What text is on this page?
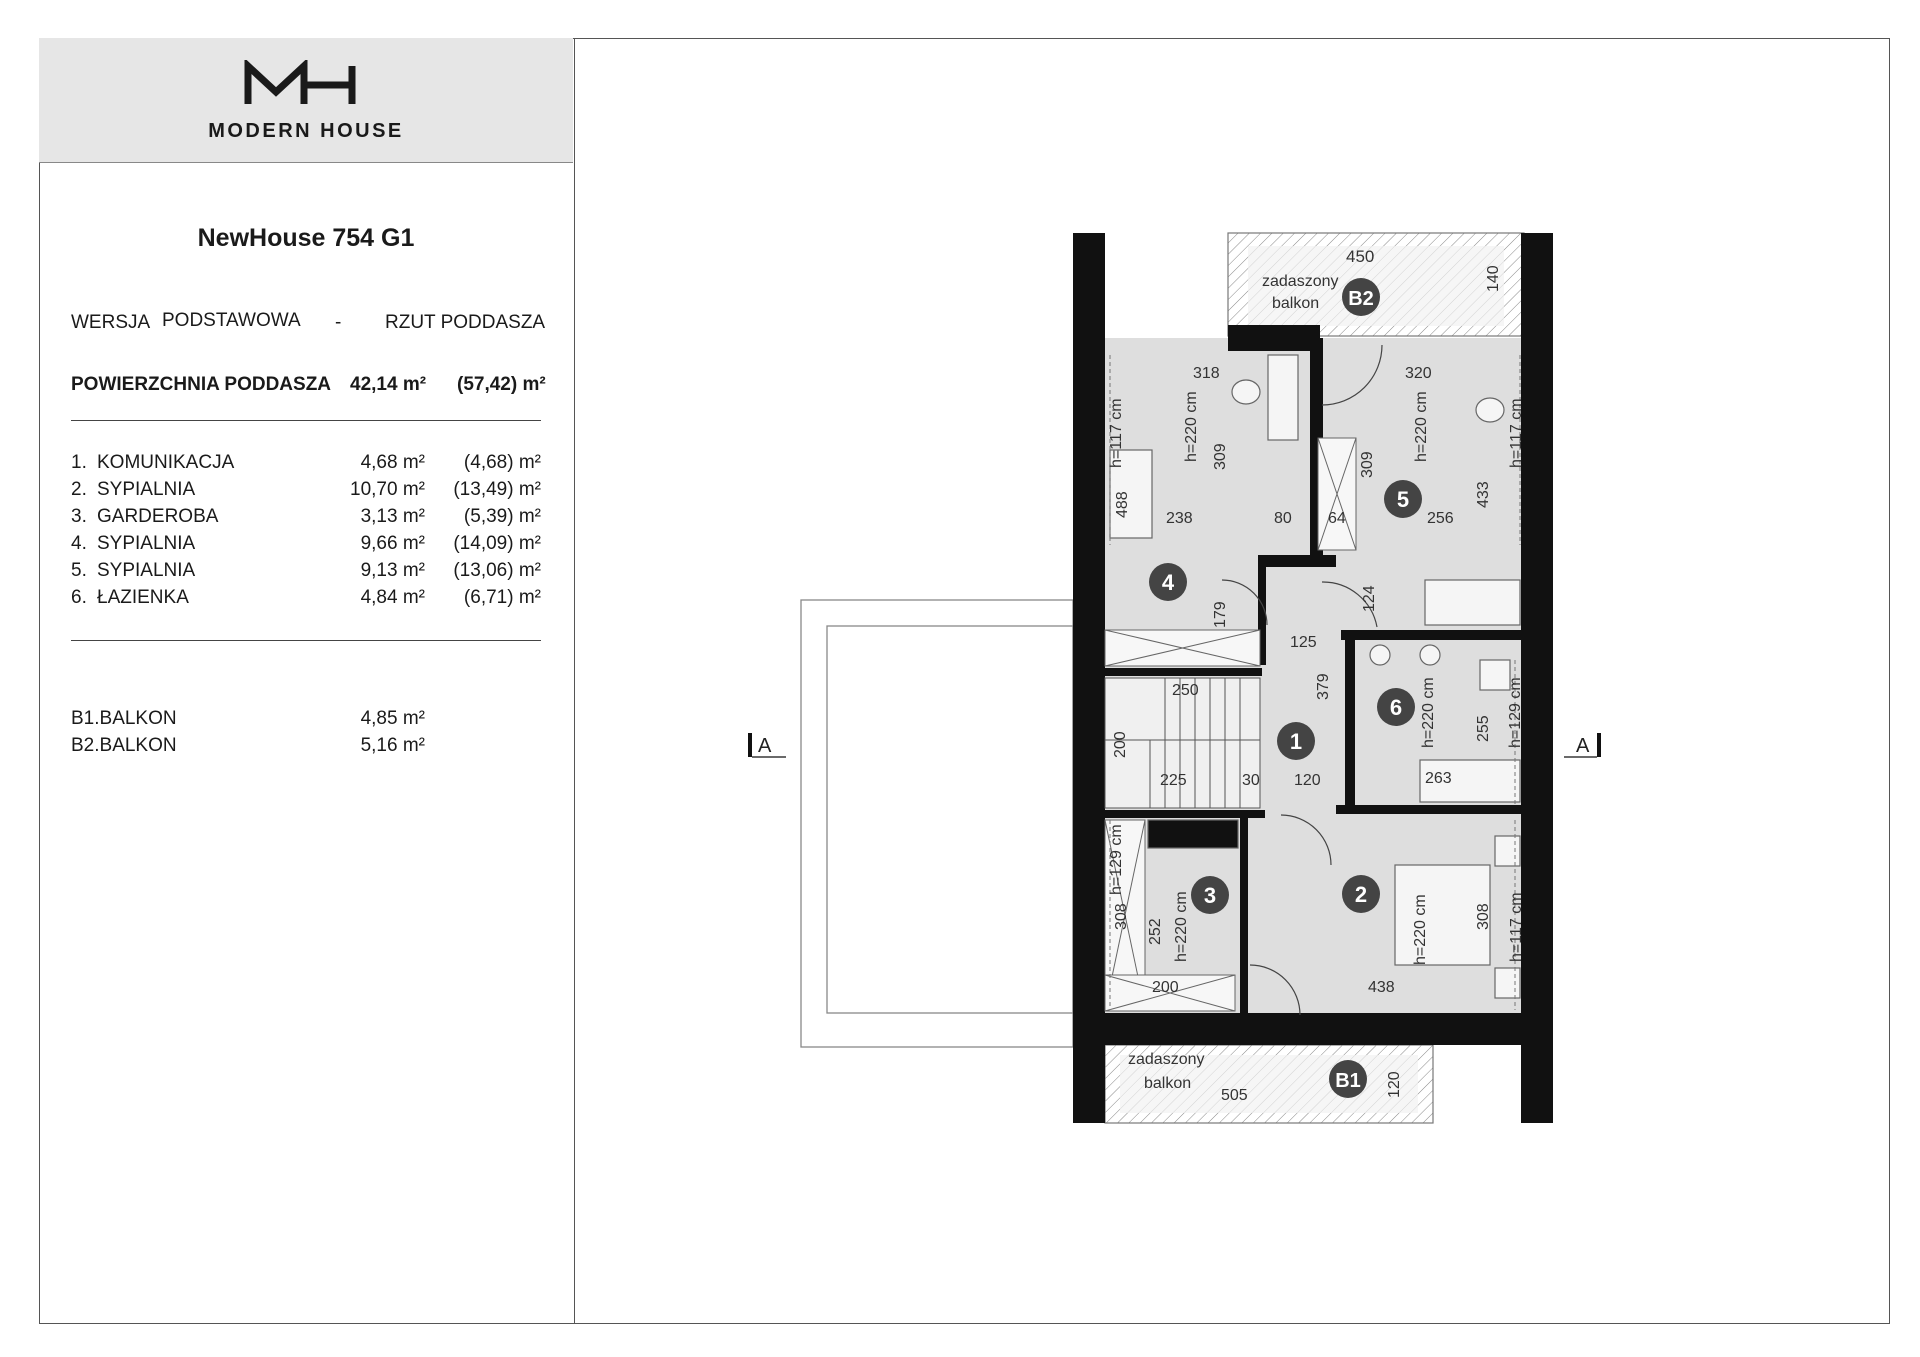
MODERN HOUSE
NewHouse 754 G1
WERSJA PODSTAWOWA - RZUT PODDASZA
POWIERZCHNIA PODDASZA 42,14 m² (57,42) m²
1. KOMUNIKACJA	4,68 m² (4,68) m²
2. SYPIALNIA	10,70 m² (13,49) m²
3. GARDEROBA	3,13 m² (5,39) m²
4. SYPIALNIA	9,66 m² (14,09) m²
5. SYPIALNIA	9,13 m² (13,06) m²
6. ŁAZIENKA	4,84 m² (6,71) m²
B1.BALKON	4,85 m²
B2.BALKON	5,16 m²
450
zadaszony
balkon
140
B2
318
h=117 cm	h=220 cm 309
488
238	80
179
4
320
309
h=220 cm	h=117 cm
64	256
433
124
5
125
379
250
200
225	30 120
1	h=220 cm 255 h=129 cm
263
6
h=129 cm
308
252 h=220 cm
200
3	h=220 cm	308 h=117 cm
438
2
zadaszony
balkon
505	120
B1
A	A
